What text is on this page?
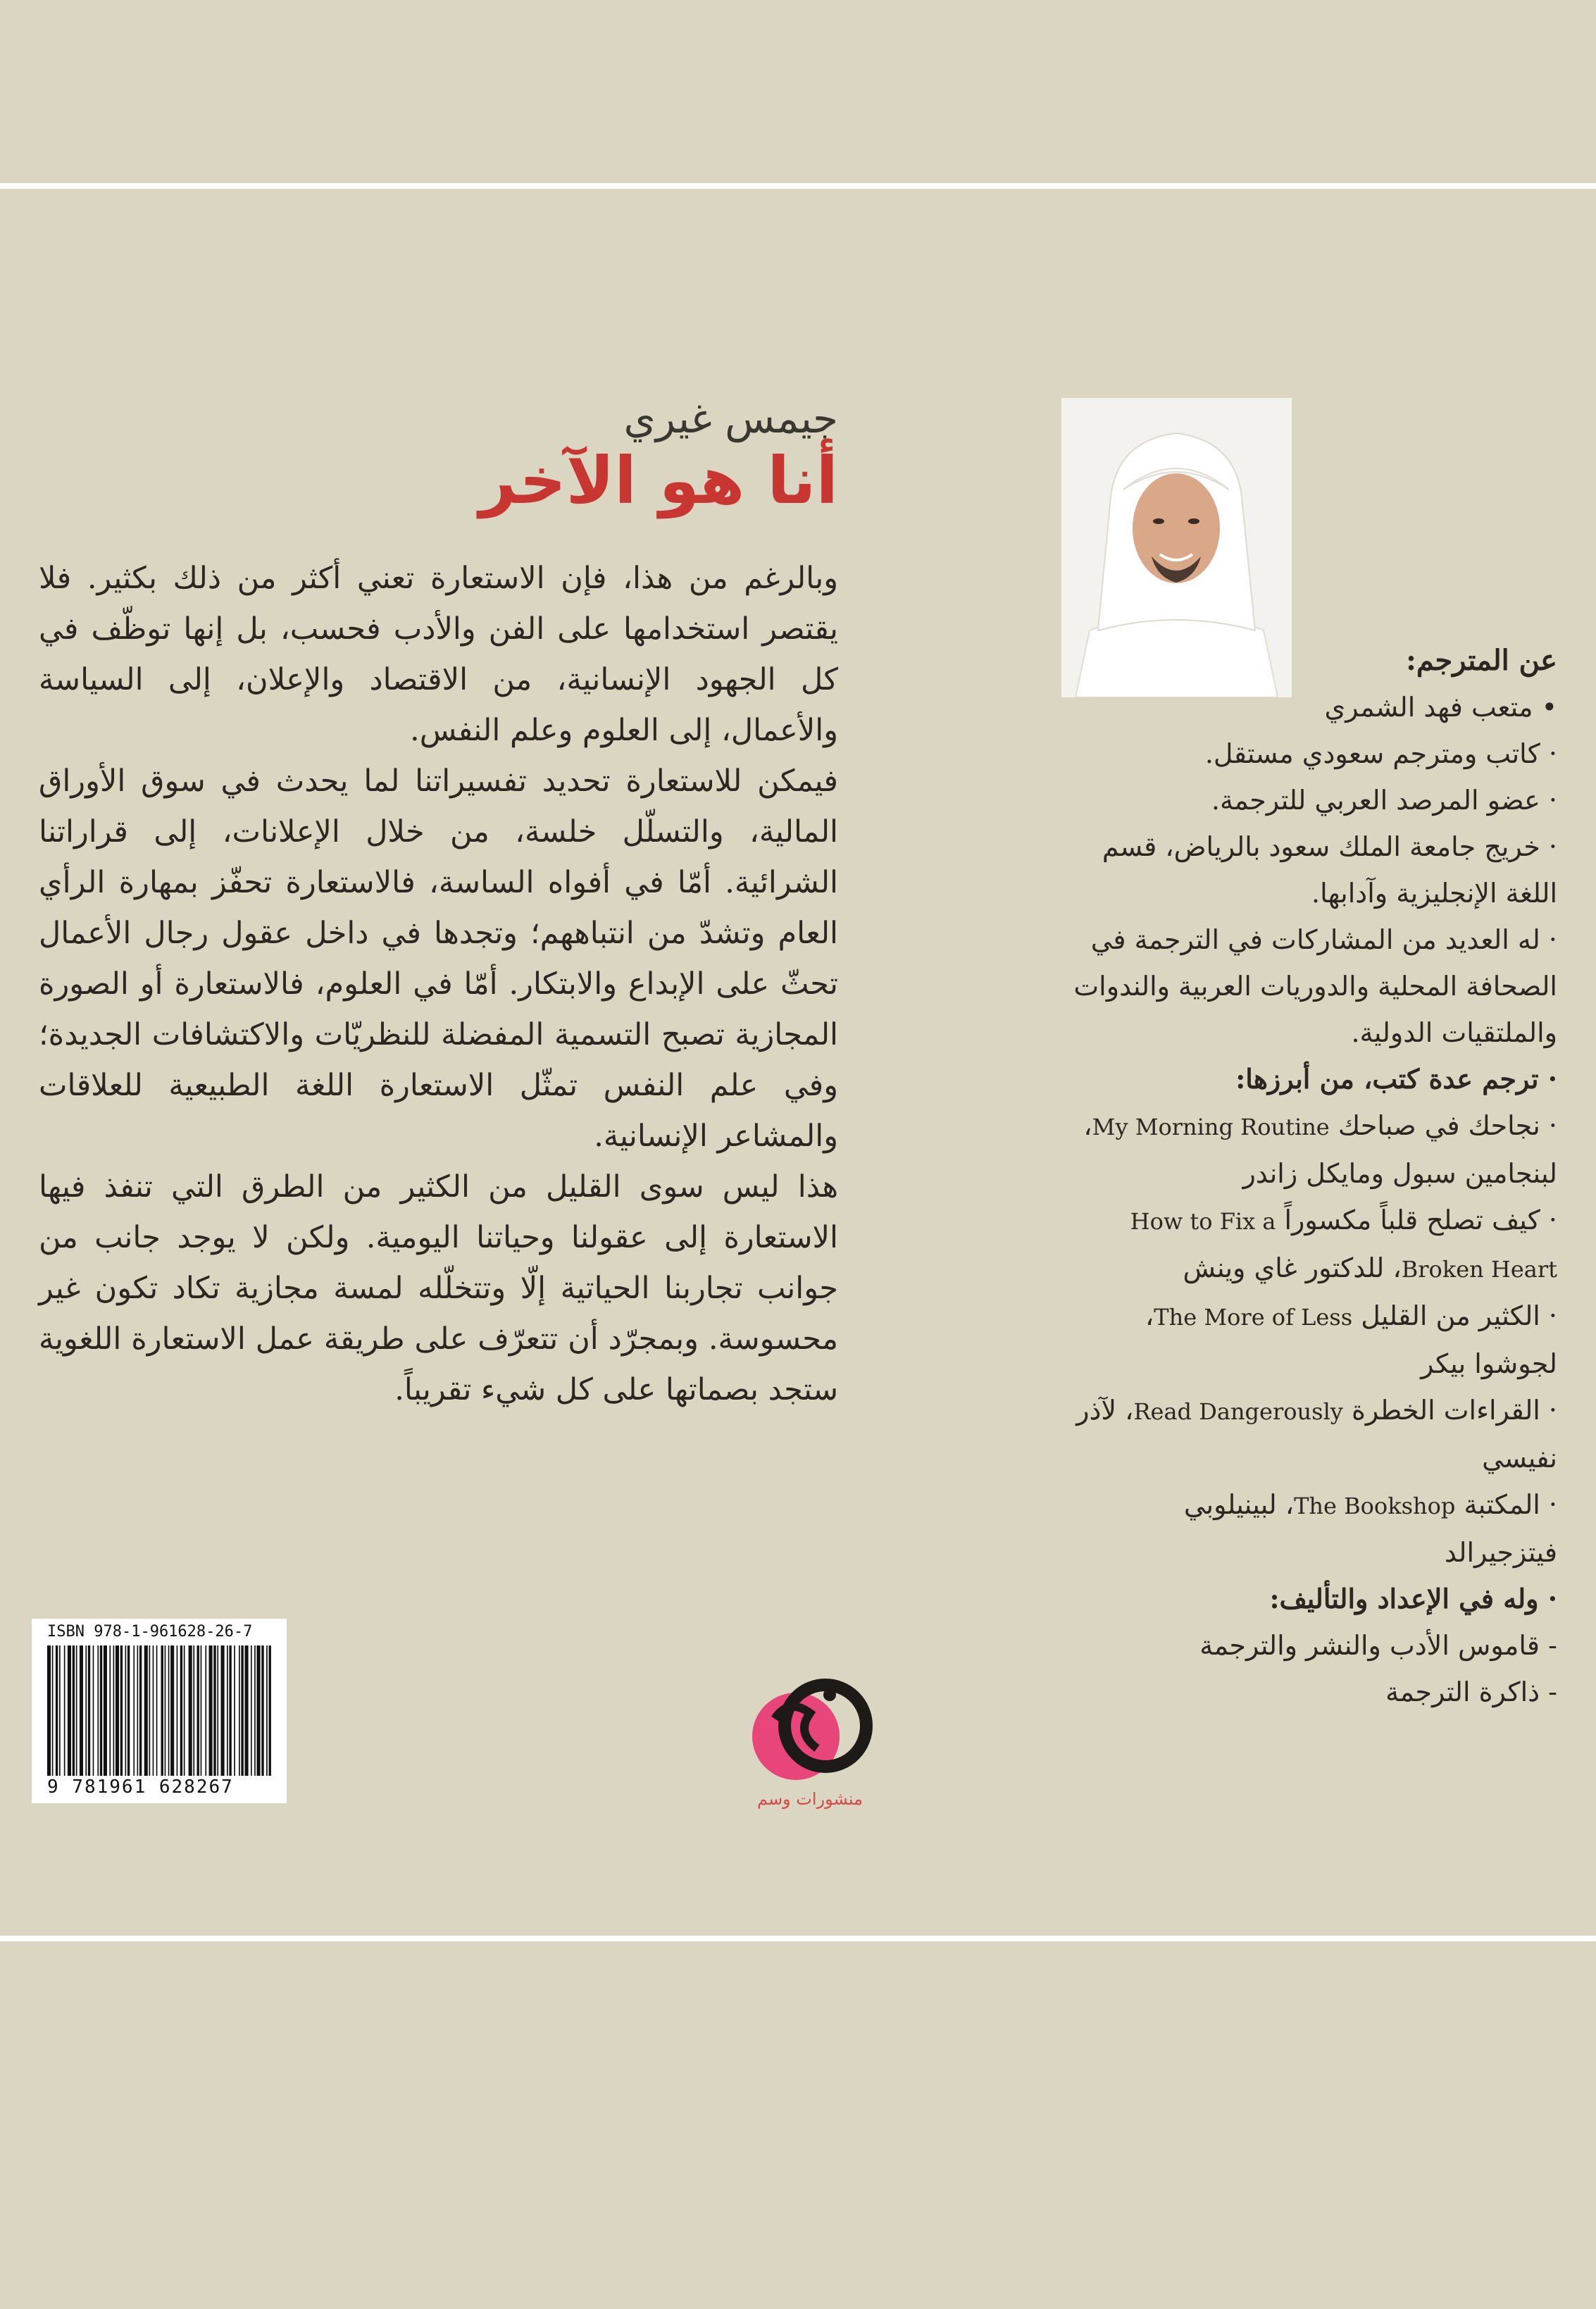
جيمس غيري

أنا هو الآخر

وبالرغم من هذا، فإن الاستعارة تعني أكثر من ذلك بكثير. فلا يقتصر استخدامها على الفن والأدب فحسب، بل إنها توظّف في كل الجهود الإنسانية، من الاقتصاد والإعلان، إلى السياسة والأعمال، إلى العلوم وعلم النفس.

فيمكن للاستعارة تحديد تفسيراتنا لما يحدث في سوق الأوراق المالية، والتسلّل خلسة، من خلال الإعلانات، إلى قراراتنا الشرائية. أمّا في أفواه الساسة، فالاستعارة تحفّز بمهارة الرأي العام وتشدّ من انتباههم؛ وتجدها في داخل عقول رجال الأعمال تحثّ على الإبداع والابتكار. أمّا في العلوم، فالاستعارة أو الصورة المجازية تصبح التسمية المفضلة للنظريّات والاكتشافات الجديدة؛ وفي علم النفس تمثّل الاستعارة اللغة الطبيعية للعلاقات والمشاعر الإنسانية.

هذا ليس سوى القليل من الكثير من الطرق التي تنفذ فيها الاستعارة إلى عقولنا وحياتنا اليومية. ولكن لا يوجد جانب من جوانب تجاربنا الحياتية إلّا وتتخلّله لمسة مجازية تكاد تكون غير محسوسة. وبمجرّد أن تتعرّف على طريقة عمل الاستعارة اللغوية ستجد بصماتها على كل شيء تقريباً.

عن المترجم:

• متعب فهد الشمري

· كاتب ومترجم سعودي مستقل.

· عضو المرصد العربي للترجمة.

· خريج جامعة الملك سعود بالرياض، قسم اللغة الإنجليزية وآدابها.

· له العديد من المشاركات في الترجمة في الصحافة المحلية والدوريات العربية والندوات والملتقيات الدولية.

· ترجم عدة كتب، من أبرزها:

· نجاحك في صباحك My Morning Routine، لبنجامين سبول ومايكل زاندر

· كيف تصلح قلباً مكسوراً How to Fix a Broken Heart، للدكتور غاي وينش

· الكثير من القليل The More of Less، لجوشوا بيكر

· القراءات الخطرة Read Dangerously، لآذر نفيسي

· المكتبة The Bookshop، لبينيلوبي فيتزجيرالد

· وله في الإعداد والتأليف:

- قاموس الأدب والنشر والترجمة

- ذاكرة الترجمة

ISBN 978-1-961628-26-7
9 781961 628267
منشورات وسم
